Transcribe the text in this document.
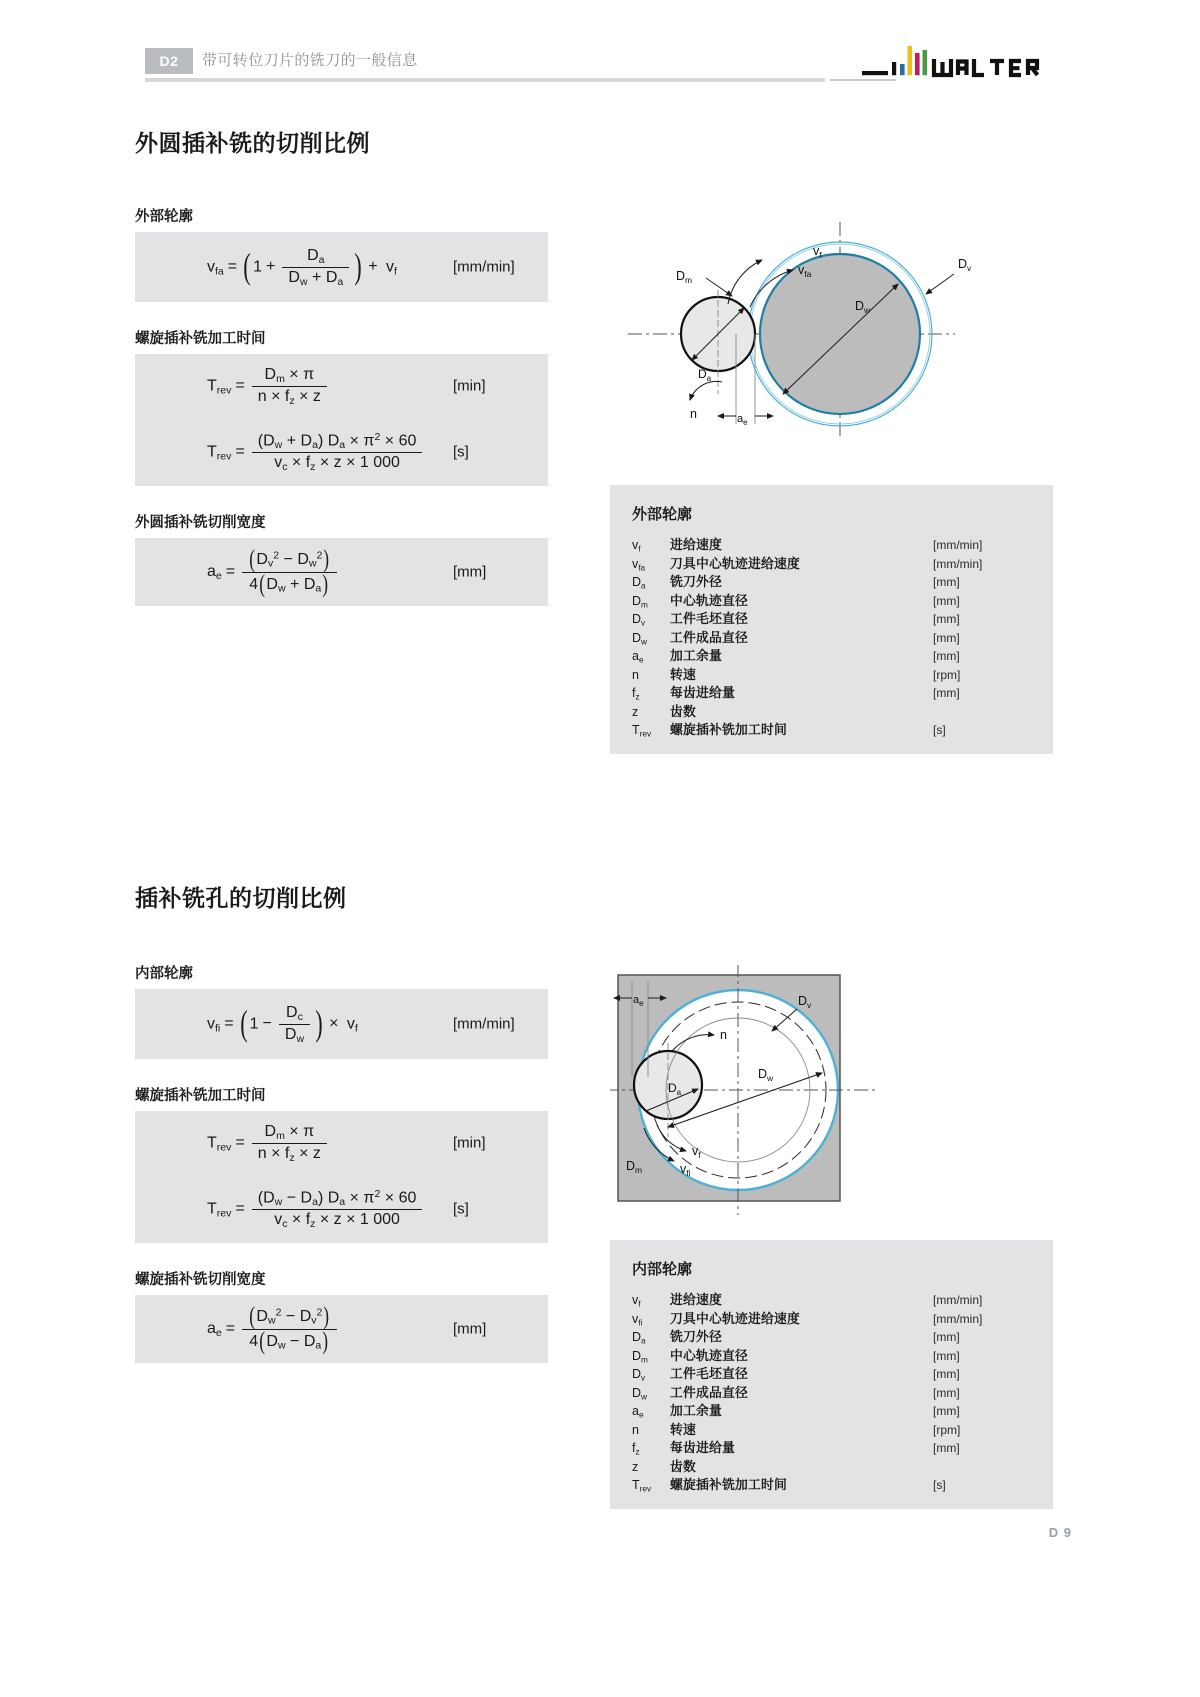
D2	带可转位刀片的铣刀的一般信息
外圆插补铣的切削比例
外部轮廓
$v_{fa}$ = ( $1 + \frac{D_a}{D_w + D_a}$ ) + $v_f$	[mm/min]
螺旋插补铣加工时间
$T_{rev} = \frac{D_m \times \pi}{n \times f_z \times z}$	[min]
$T_{rev} = \frac{(D_w + D_a) D_a \times \pi^2 \times 60}{v_c \times f_z \times z \times 1 000} [s]$
外圆插补铣切削宽度
$a_e = \frac{(D_v^2 - D_w^2)}{4(D_w + D_a)}$	[mm]
$D_a$
$D_w$
$v_f$
$v_{fa}$
$D_m$
$D_v$
n	$a_e$
外部轮廓
$v_f$	进给速度	[mm/min]
$v_{fa}$	刀具中心轨迹进给速度	[mm/min]
$D_a$	铣刀外径	[mm]
$D_m$	中心轨迹直径	[mm]
$D_v$	工件毛坯直径	[mm]
$D_w$	工件成品直径	[mm]
$a_e$	加工余量	[mm]
n	转速	[rpm]
$f_z$	每齿进给量	[mm]
z	齿数
$T_{rev}$	螺旋插补铣加工时间	[s]
插补铣孔的切削比例
内部轮廓
$v_{fi}$ = ( $1 - \frac{D_c}{D_w}$ ) × $v_f$	[mm/min]
螺旋插补铣加工时间
$T_{rev} = \frac{D_m \times \pi}{n \times f_z \times z}$	[min]
$T_{rev} = \frac{(D_w - D_a) D_a \times \pi^2 \times 60}{v_c \times f_z \times z \times 1 000} [s]$
螺旋插补铣切削宽度
$a_e = \frac{(D_w^2 - D_v^2)}{4(D_w - D_a)}$	[mm]
$D_a$
$D_w$
$D_v$
n
$v_f$
$v_{fi}$
$D_m$
$a_e$
内部轮廓
$v_f$	进给速度	[mm/min]
$v_{fi}$	刀具中心轨迹进给速度	[mm/min]
$D_a$	铣刀外径	[mm]
$D_m$	中心轨迹直径	[mm]
$D_v$	工件毛坯直径	[mm]
$D_w$	工件成品直径	[mm]
$a_e$	加工余量	[mm]
n	转速	[rpm]
$f_z$	每齿进给量	[mm]
z	齿数
$T_{rev}$	螺旋插补铣加工时间	[s]
D 9
